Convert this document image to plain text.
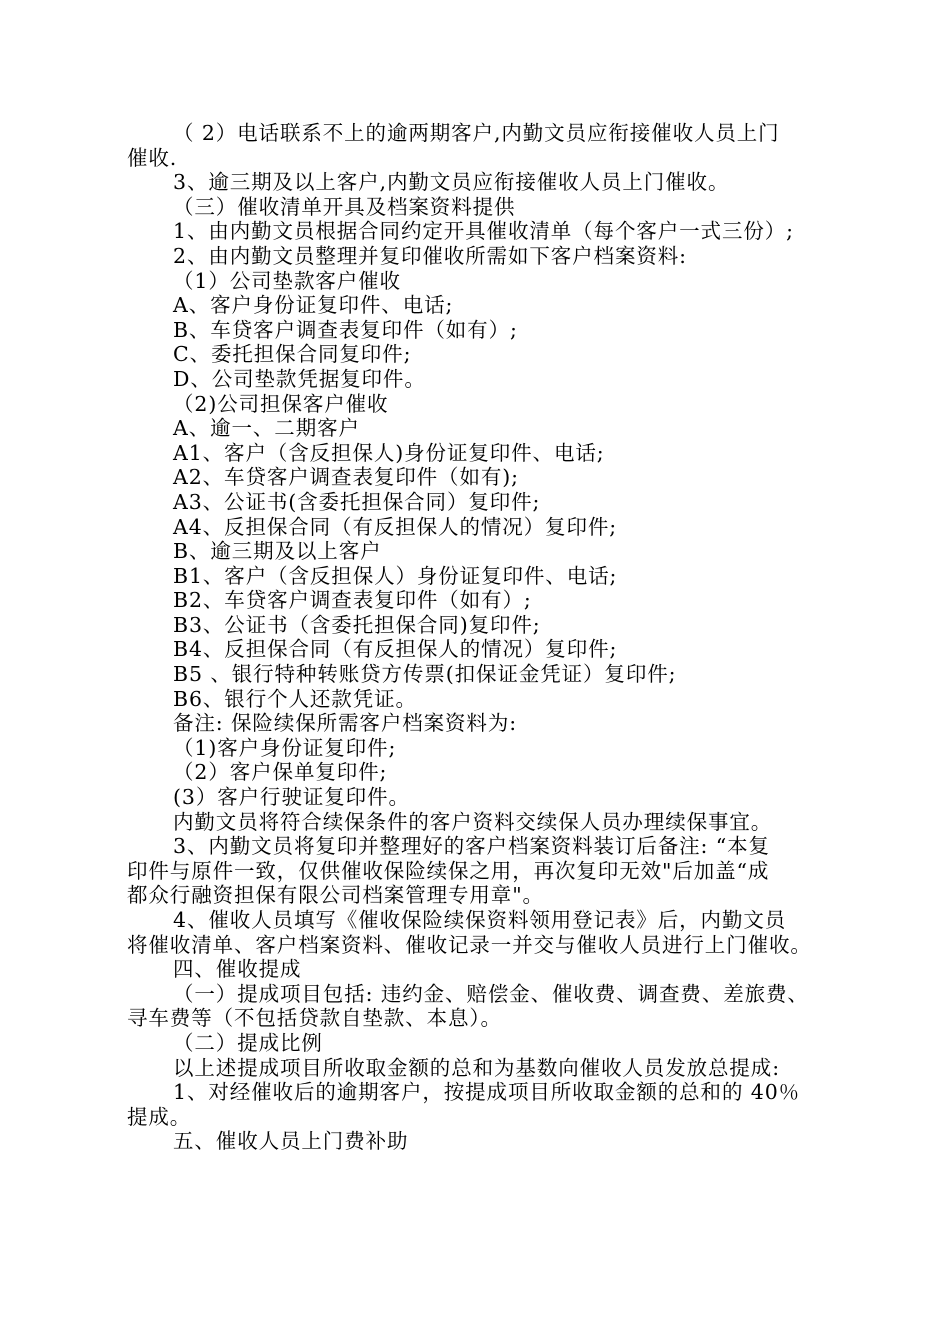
（ 2）电话联系不上的逾两期客户,内勤文员应衔接催收人员上门

催收.

3、逾三期及以上客户,内勤文员应衔接催收人员上门催收。

（三）催收清单开具及档案资料提供

1、由内勤文员根据合同约定开具催收清单（每个客户一式三份）;

2、由内勤文员整理并复印催收所需如下客户档案资料:

（1）公司垫款客户催收

A、客户身份证复印件、电话;

B、车贷客户调查表复印件（如有）;

C、委托担保合同复印件;

D、公司垫款凭据复印件。

（2)公司担保客户催收

A、逾一、二期客户

A1、客户（含反担保人)身份证复印件、电话;

A2、车贷客户调查表复印件（如有);

A3、公证书(含委托担保合同）复印件;

A4、反担保合同（有反担保人的情况）复印件;

B、逾三期及以上客户

B1、客户（含反担保人）身份证复印件、电话;

B2、车贷客户调查表复印件（如有）;

B3、公证书（含委托担保合同)复印件;

B4、反担保合同（有反担保人的情况）复印件;

B5 、银行特种转账贷方传票(扣保证金凭证）复印件;

B6、银行个人还款凭证。

备注: 保险续保所需客户档案资料为:

（1)客户身份证复印件;

（2）客户保单复印件;

(3）客户行驶证复印件。

内勤文员将符合续保条件的客户资料交续保人员办理续保事宜。

3、内勤文员将复印并整理好的客户档案资料装订后备注: “本复

印件与原件一致，仅供催收保险续保之用，再次复印无效"后加盖“成

都众行融资担保有限公司档案管理专用章"。

4、催收人员填写《催收保险续保资料领用登记表》后，内勤文员

将催收清单、客户档案资料、催收记录一并交与催收人员进行上门催收。

四、催收提成

（一）提成项目包括: 违约金、赔偿金、催收费、调查费、差旅费、

寻车费等（不包括贷款自垫款、本息）。

（二）提成比例

以上述提成项目所收取金额的总和为基数向催收人员发放总提成:

1、对经催收后的逾期客户，按提成项目所收取金额的总和的 40％

提成。

五、催收人员上门费补助
